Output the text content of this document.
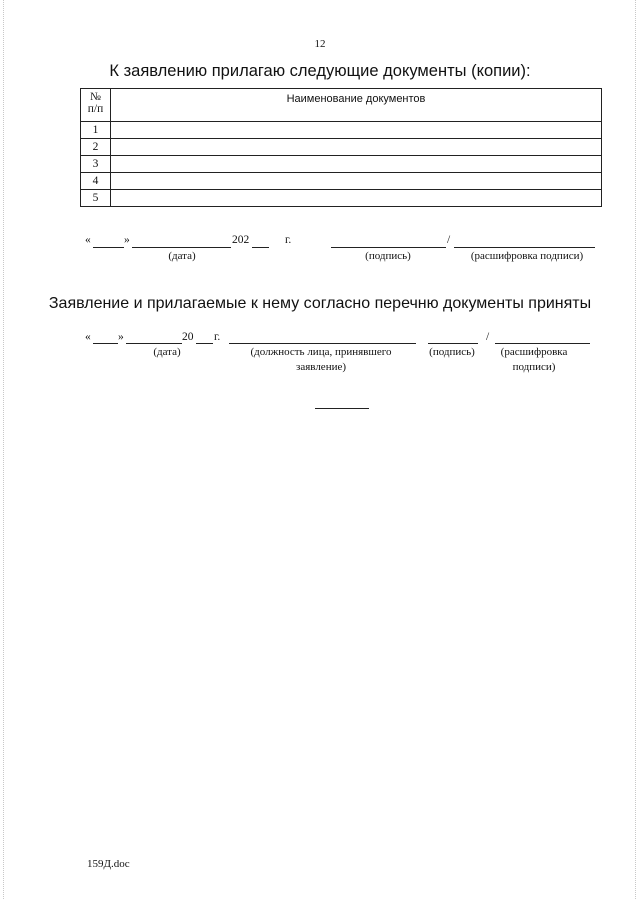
12
К заявлению прилагаю следующие документы (копии):
№
п/п	Наименование документов
1	
2	
3	
4	
5	
«	»	202	г.	/
(дата)	(подпись)	(расшифровка подписи)
Заявление и прилагаемые к нему согласно перечню документы приняты
« »	20 г.	/
(дата)	(должность лица, принявшего заявление)
(подпись)	(расшифровка подписи)
159Д.doc
